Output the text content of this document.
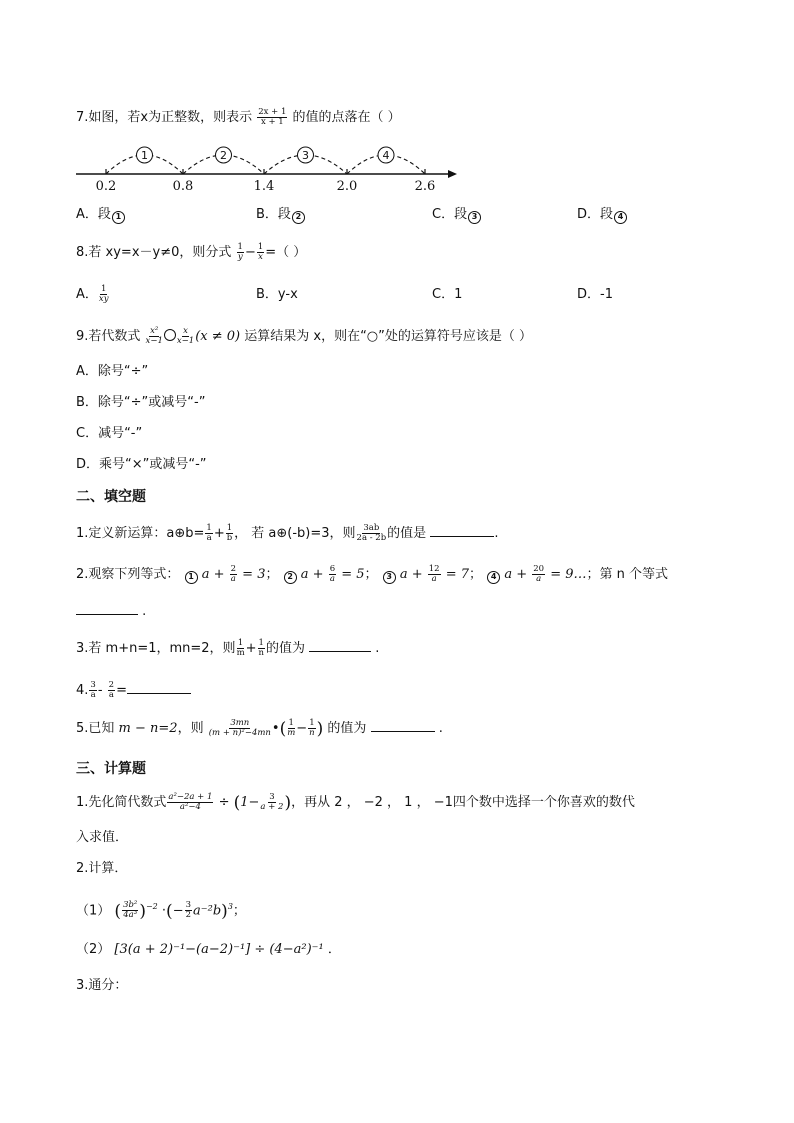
7.如图，若x为正整数，则表示 $\frac{2x + 1}{x + 1}$ 的值的点落在（ ）
0.2	0.8	1.4	2.0	2.6
1	2	3	4
A．段 1	B．段 2	C．段 3	D．段 4
8.若 xy=x－y≠0，则分式 $\frac{1}{y} - \frac{1}{x}$ =（ ）
A． $\frac{1}{xy}$	B．y-x	C．1	D．-1
9.若代数式 $\frac{\text{x²}}{x-1} \frac{x}{x-1} (x \ne 0)$ 运算结果为 x，则在“○”处的运算符号应该是（ ）
A．除号“÷”
B．除号“÷”或减号“-”
C．减号“-”
D．乘号“×”或减号“-”
二、填空题
1.定义新运算：a⊕b= $\frac{1}{a} + \frac{1}{b}$ ， 若 a⊕(-b)=3，则 $\frac{3ab}{2a - 2b}$ 的值是	.
2.观察下列等式： 1 $a + \frac{2}{a} = 3$； 2 $a + \frac{6}{a} = 5$； 3 $a + \frac{12}{a} = 7$； 4 $a + \frac{20}{a}$ = 9…；第 n 个等式
.
3.若 m+n=1，mn=2，则 $\frac{1}{m} + \frac{1}{n}$ 的值为	.
4. $\frac{3}{a} - \frac{2}{a}$ =
5.已知 m − n=2，则 $\frac{3mn}{\text{(m + n)²−4mn}}$ •( $\frac{1}{m} - \frac{1}{n}$ ) 的值为	.
三、计算题
1.先化简代数式 $\frac{\text{a²−2a + 1}}{\text{a²−4}} \div (1- \frac{3}{a + 2}$ )，再从 2 ， −2 ， 1 ， −1四个数中选择一个你喜欢的数代
入求值．
2.计算．
（1） ( $\frac{\text{3b²}}{\text{4a³}} )^{-2}$ ·(− $\frac{3}{2} a^{-2}b)^3$；
（2） [3(a + 2)⁻¹−(a−2)⁻¹] ÷ (4−a²)⁻¹ ．
3.通分：
